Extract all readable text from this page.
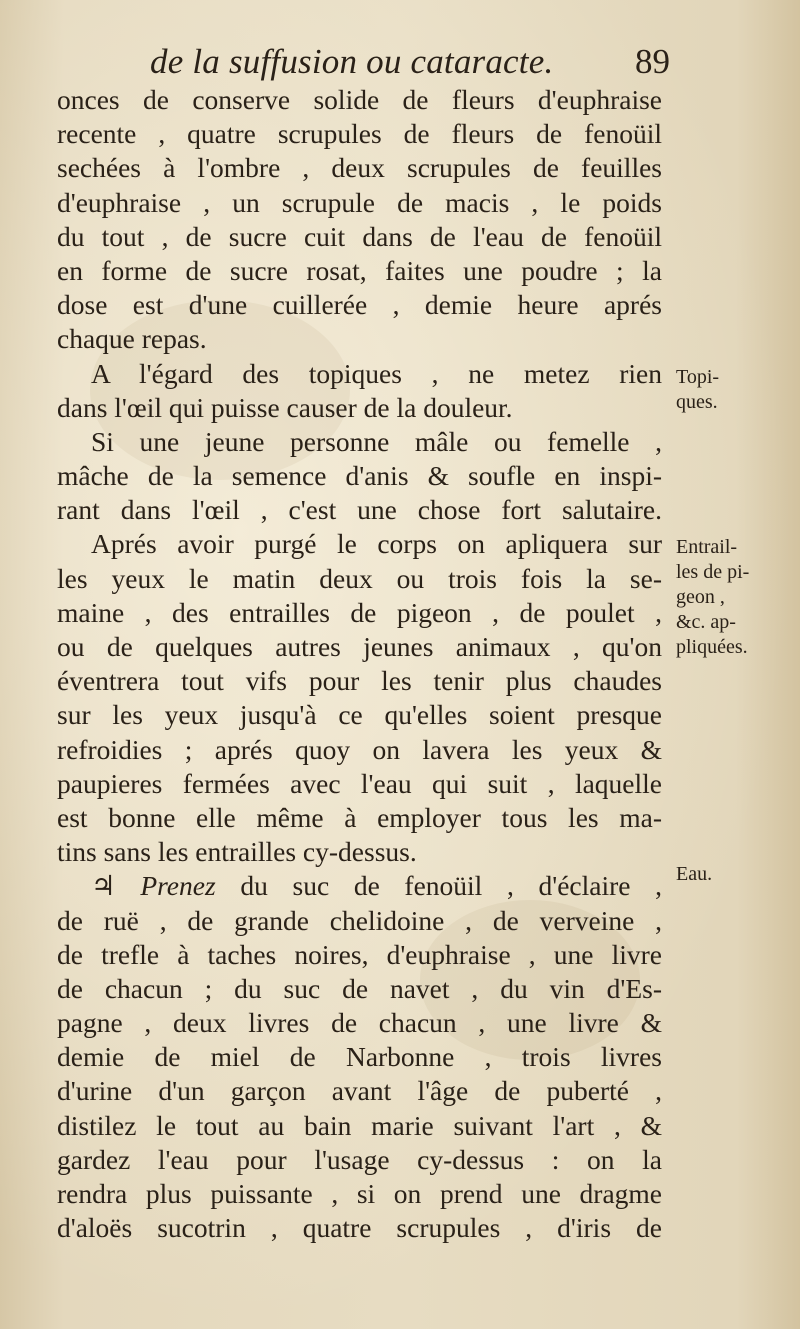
de la suffusion ou cataracte. 89
onces de conserve solide de fleurs d'euphraise
recente , quatre scrupules de fleurs de fenoüil
sechées à l'ombre , deux scrupules de feuilles
d'euphraise , un scrupule de macis , le poids
du tout , de sucre cuit dans de l'eau de fenoüil
en forme de sucre rosat, faites une poudre ; la
dose est d'une cuillerée , demie heure aprés
chaque repas.
A l'égard des topiques , ne metez rien
dans l'œil qui puisse causer de la douleur.
Si une jeune personne mâle ou femelle ,
mâche de la semence d'anis & soufle en inspi-
rant dans l'œil , c'est une chose fort salutaire.
Aprés avoir purgé le corps on apliquera sur
les yeux le matin deux ou trois fois la se-
maine , des entrailles de pigeon , de poulet ,
ou de quelques autres jeunes animaux , qu'on
éventrera tout vifs pour les tenir plus chaudes
sur les yeux jusqu'à ce qu'elles soient presque
refroidies ; aprés quoy on lavera les yeux &
paupieres fermées avec l'eau qui suit , laquelle
est bonne elle même à employer tous les ma-
tins sans les entrailles cy-dessus.
♃ Prenez du suc de fenoüil , d'éclaire ,
de ruë , de grande chelidoine , de verveine ,
de trefle à taches noires, d'euphraise , une livre
de chacun ; du suc de navet , du vin d'Es-
pagne , deux livres de chacun , une livre &
demie de miel de Narbonne , trois livres
d'urine d'un garçon avant l'âge de puberté ,
distilez le tout au bain marie suivant l'art , &
gardez l'eau pour l'usage cy-dessus : on la
rendra plus puissante , si on prend une dragme
d'aloës sucotrin , quatre scrupules , d'iris de
Topi-
ques.
Entrail-
les de pi-
geon ,
&c. ap-
pliquées.
Eau.
